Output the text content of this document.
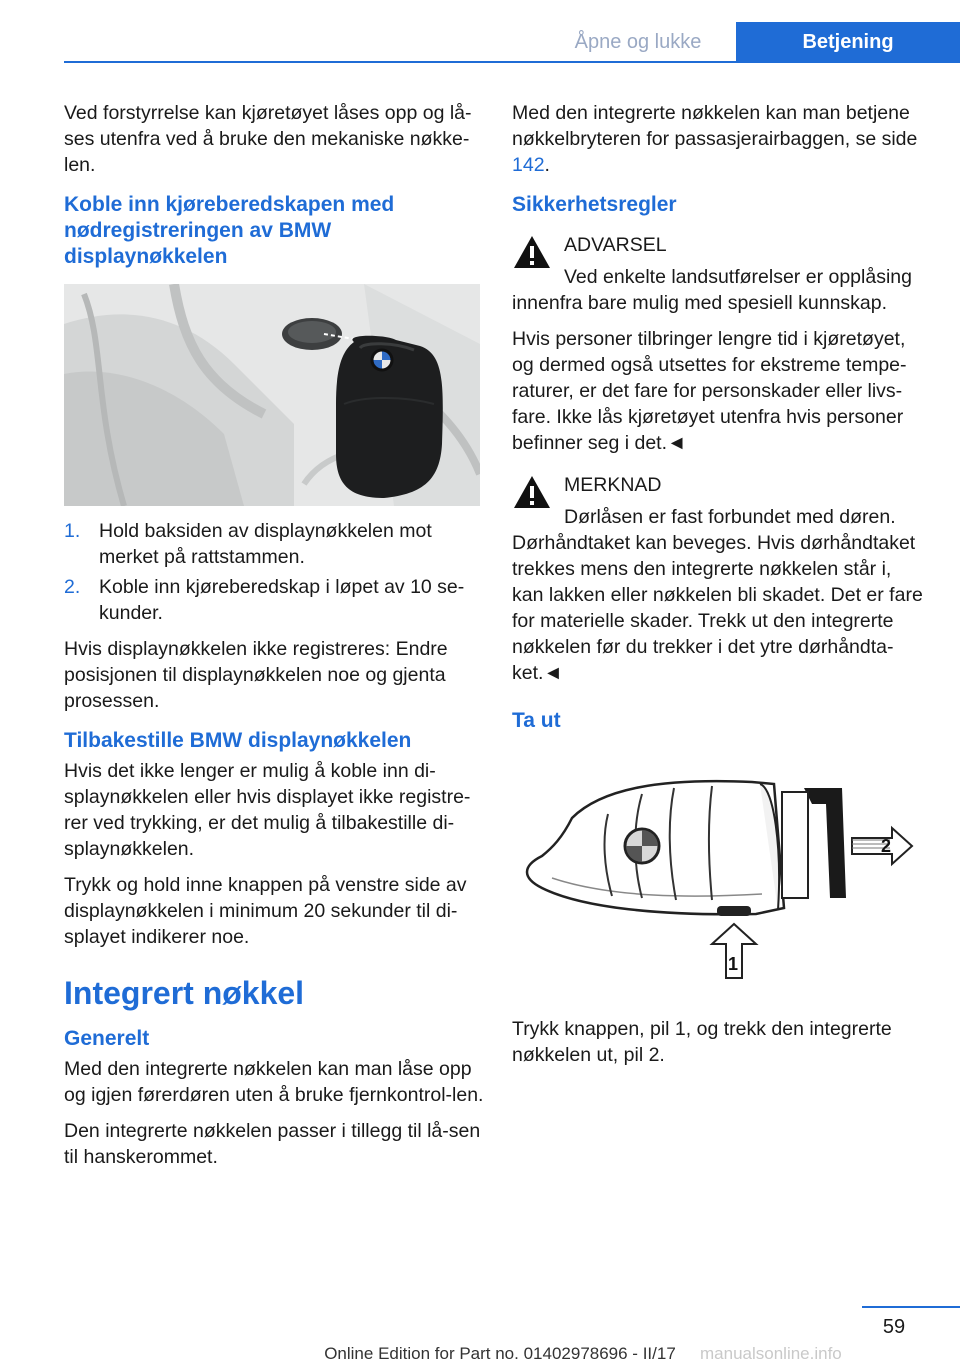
Åpne og lukke	Betjening

Ved forstyrrelse kan kjøretøyet låses opp og lå-ses utenfra ved å bruke den mekaniske nøkke-len.

Koble inn kjøreberedskapen med nødregistreringen av BMW displaynøkkelen
1. Hold baksiden av displaynøkkelen mot merket på rattstammen.
2. Koble inn kjøreberedskap i løpet av 10 se-kunder.

Hvis displaynøkkelen ikke registreres: Endre posisjonen til displaynøkkelen noe og gjenta prosessen.

Tilbakestille BMW displaynøkkelen

Hvis det ikke lenger er mulig å koble inn di-splaynøkkelen eller hvis displayet ikke registre-rer ved trykking, er det mulig å tilbakestille di-splaynøkkelen.

Trykk og hold inne knappen på venstre side av displaynøkkelen i minimum 20 sekunder til di-splayet indikerer noe.

Integrert nøkkel
Generelt

Med den integrerte nøkkelen kan man låse opp og igjen førerdøren uten å bruke fjernkontrol-len.

Den integrerte nøkkelen passer i tillegg til lå-sen til hanskerommet.

Med den integrerte nøkkelen kan man betjene nøkkelbryteren for passasjerairbaggen, se side 142.

Sikkerhetsregler
ADVARSEL
Ved enkelte landsutførelser er opplåsing

innenfra bare mulig med spesiell kunnskap.

Hvis personer tilbringer lengre tid i kjøretøyet, og dermed også utsettes for ekstreme tempe-raturer, er det fare for personskader eller livs-fare. Ikke lås kjøretøyet utenfra hvis personer befinner seg i det.◄

MERKNAD
Dørlåsen er fast forbundet med døren.

Dørhåndtaket kan beveges. Hvis dørhåndtaket trekkes mens den integrerte nøkkelen står i, kan lakken eller nøkkelen bli skadet. Det er fare for materielle skader. Trekk ut den integrerte nøkkelen før du trekker i det ytre dørhåndta-ket.◄

Ta ut
2
1

Trykk knappen, pil 1, og trekk den integrerte nøkkelen ut, pil 2.

59
Online Edition for Part no. 01402978696 - II/17	manualsonline.info
